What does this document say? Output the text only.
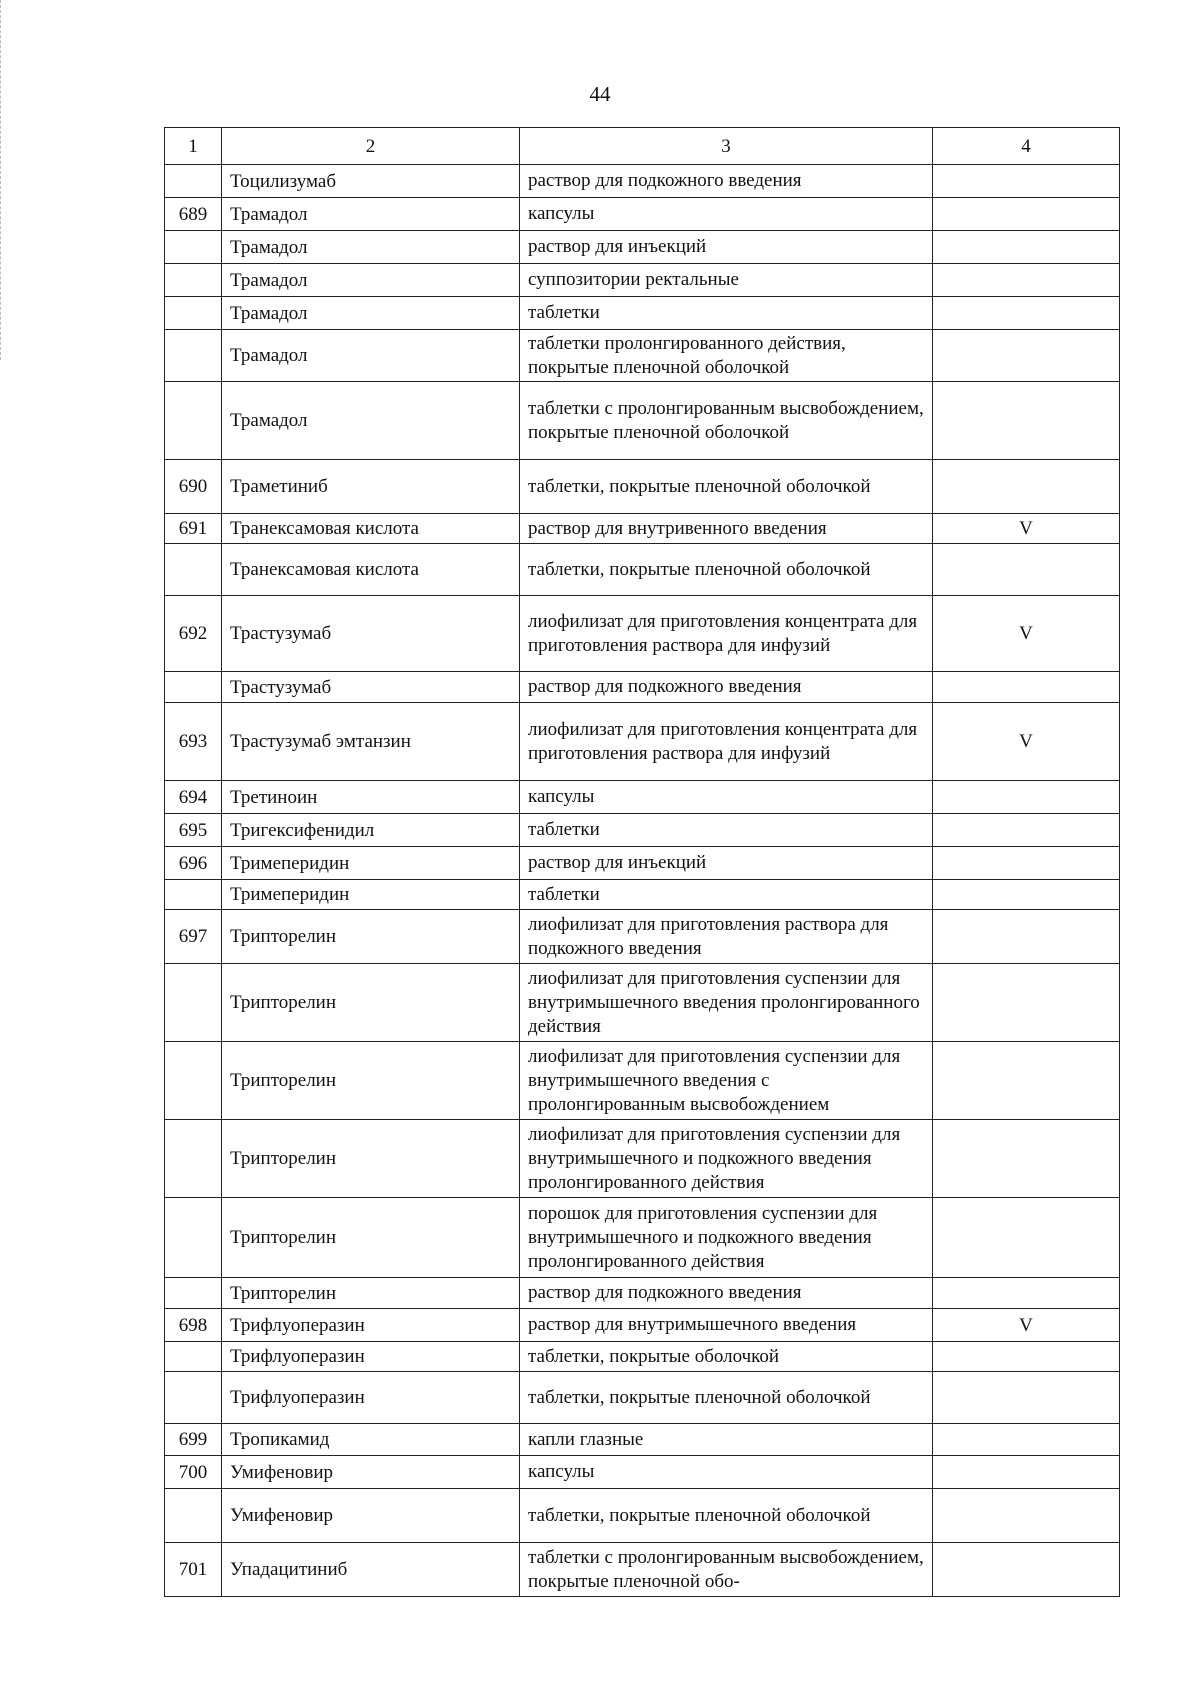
44
1	2	3	4
	Тоцилизумаб	раствор для подкожного введения	
689	Трамадол	капсулы	
	Трамадол	раствор для инъекций	
	Трамадол	суппозитории ректальные	
	Трамадол	таблетки	
	Трамадол	таблетки пролонгированного действия, покрытые пленочной оболочкой	
	Трамадол	таблетки с пролонгированным высвобождением, покрытые пленочной оболочкой	
690	Траметиниб	таблетки, покрытые пленочной оболочкой	
691	Транексамовая кислота	раствор для внутривенного введения	V
	Транексамовая кислота	таблетки, покрытые пленочной оболочкой	
692	Трастузумаб	лиофилизат для приготовления концентрата для приготовления раствора для инфузий	V
	Трастузумаб	раствор для подкожного введения	
693	Трастузумаб эмтанзин	лиофилизат для приготовления концентрата для приготовления раствора для инфузий	V
694	Третиноин	капсулы	
695	Тригексифенидил	таблетки	
696	Тримеперидин	раствор для инъекций	
	Тримеперидин	таблетки	
697	Трипторелин	лиофилизат для приготовления раствора для подкожного введения	
	Трипторелин	лиофилизат для приготовления суспензии для внутримышечного введения пролонгированного действия	
	Трипторелин	лиофилизат для приготовления суспензии для внутримышечного введения с пролонгированным высвобождением	
	Трипторелин	лиофилизат для приготовления суспензии для внутримышечного и подкожного введения пролонгированного действия	
	Трипторелин	порошок для приготовления суспензии для внутримышечного и подкожного введения пролонгированного действия	
	Трипторелин	раствор для подкожного введения	
698	Трифлуоперазин	раствор для внутримышечного введения	V
	Трифлуоперазин	таблетки, покрытые оболочкой	
	Трифлуоперазин	таблетки, покрытые пленочной оболочкой	
699	Тропикамид	капли глазные	
700	Умифеновир	капсулы	
	Умифеновир	таблетки, покрытые пленочной оболочкой	
701	Упадацитиниб	таблетки с пролонгированным высвобождением, покрытые пленочной обо-	
